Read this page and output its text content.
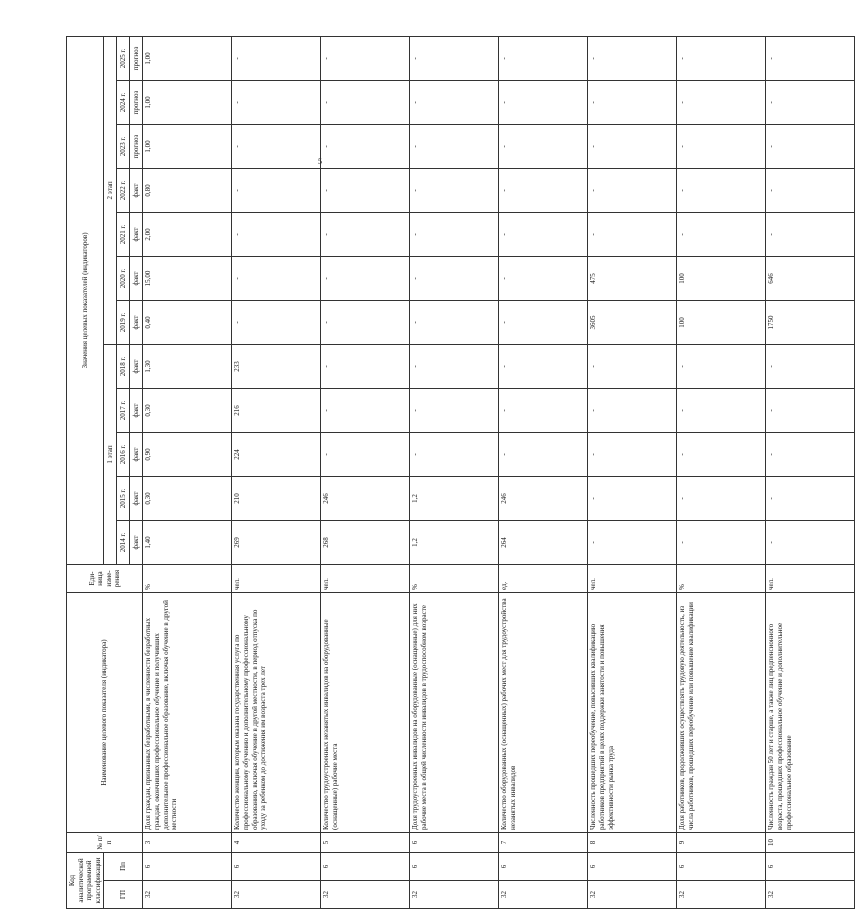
5
Код аналитической программной классификации		№ п/п	Наименование целевого показателя (индикатора)	Еди-ница изме-рения	Значения целевых показателей (индикаторов)											
ГП	Пп				1 этап					2 этап						
					2014 г.	2015 г.	2016 г.	2017 г.	2018 г.	2019 г.	2020 г.	2021 г.	2022 г.	2023 г.	2024 г.	2025 г.
					факт	факт	факт	факт	факт	факт	факт	факт	факт	прогноз	прогноз	прогноз
32	6	3	Доля граждан, признанных безработными, в численности безработных граждан, окончивших профессиональное обучение и получивших дополнительное профессиональное образование, включая обучение в другой местности	%	1,40	0,30	0,90	0,30	1,30	0,40	15,00	2,00	0,80	1,00	1,00	1,00
32	6	4	Количество женщин, которым оказана государственная услуга по профессиональному обучению и дополнительному профессиональному образованию, включая обучение в другой местности, в период отпуска по уходу за ребенком до достижения им возраста трех лет	чел.	269	210	224	216	233	-	-	-	-	-	-	-
32	6	5	Количество трудоустроенных незанятых инвалидов на оборудованные (оснащенные) рабочие места	чел.	268	246	-	-	-	-	-	-	-	-	-	-
32	6	6	Доля трудоустроенных инвалидов на оборудованные (оснащенные) для них рабочие места в общей численности инвалидов в трудоспособном возрасте	%	1,2	1,2	-	-	-	-	-	-	-	-	-	-
32	6	7	Количество оборудованных (оснащенных) рабочих мест для трудоустройства незанятых инвалидов	ед.	264	246	-	-	-	-	-	-	-	-	-	-
32	6	8	Численность прошедших переобучение, повысивших квалификацию работников предприятий в целях поддержки занятости и повышения эффективности рынка труда	чел.	-	-	-	-	-	3605	475	-	-	-	-	-
32	6	9	Доля работников, продолживших осуществлять трудовую деятельность, из числа работников, прошедших переобучение или повышение квалификации	%	-	-	-	-	-	100	100	-	-	-	-	-
32	6	10	Численность граждан 50 лет и старше, а также лиц предпенсионного возраста, прошедших профессиональное обучение и дополнительное профессиональное образование	чел.	-	-	-	-	-	1750	646	-	-	-	-	-
